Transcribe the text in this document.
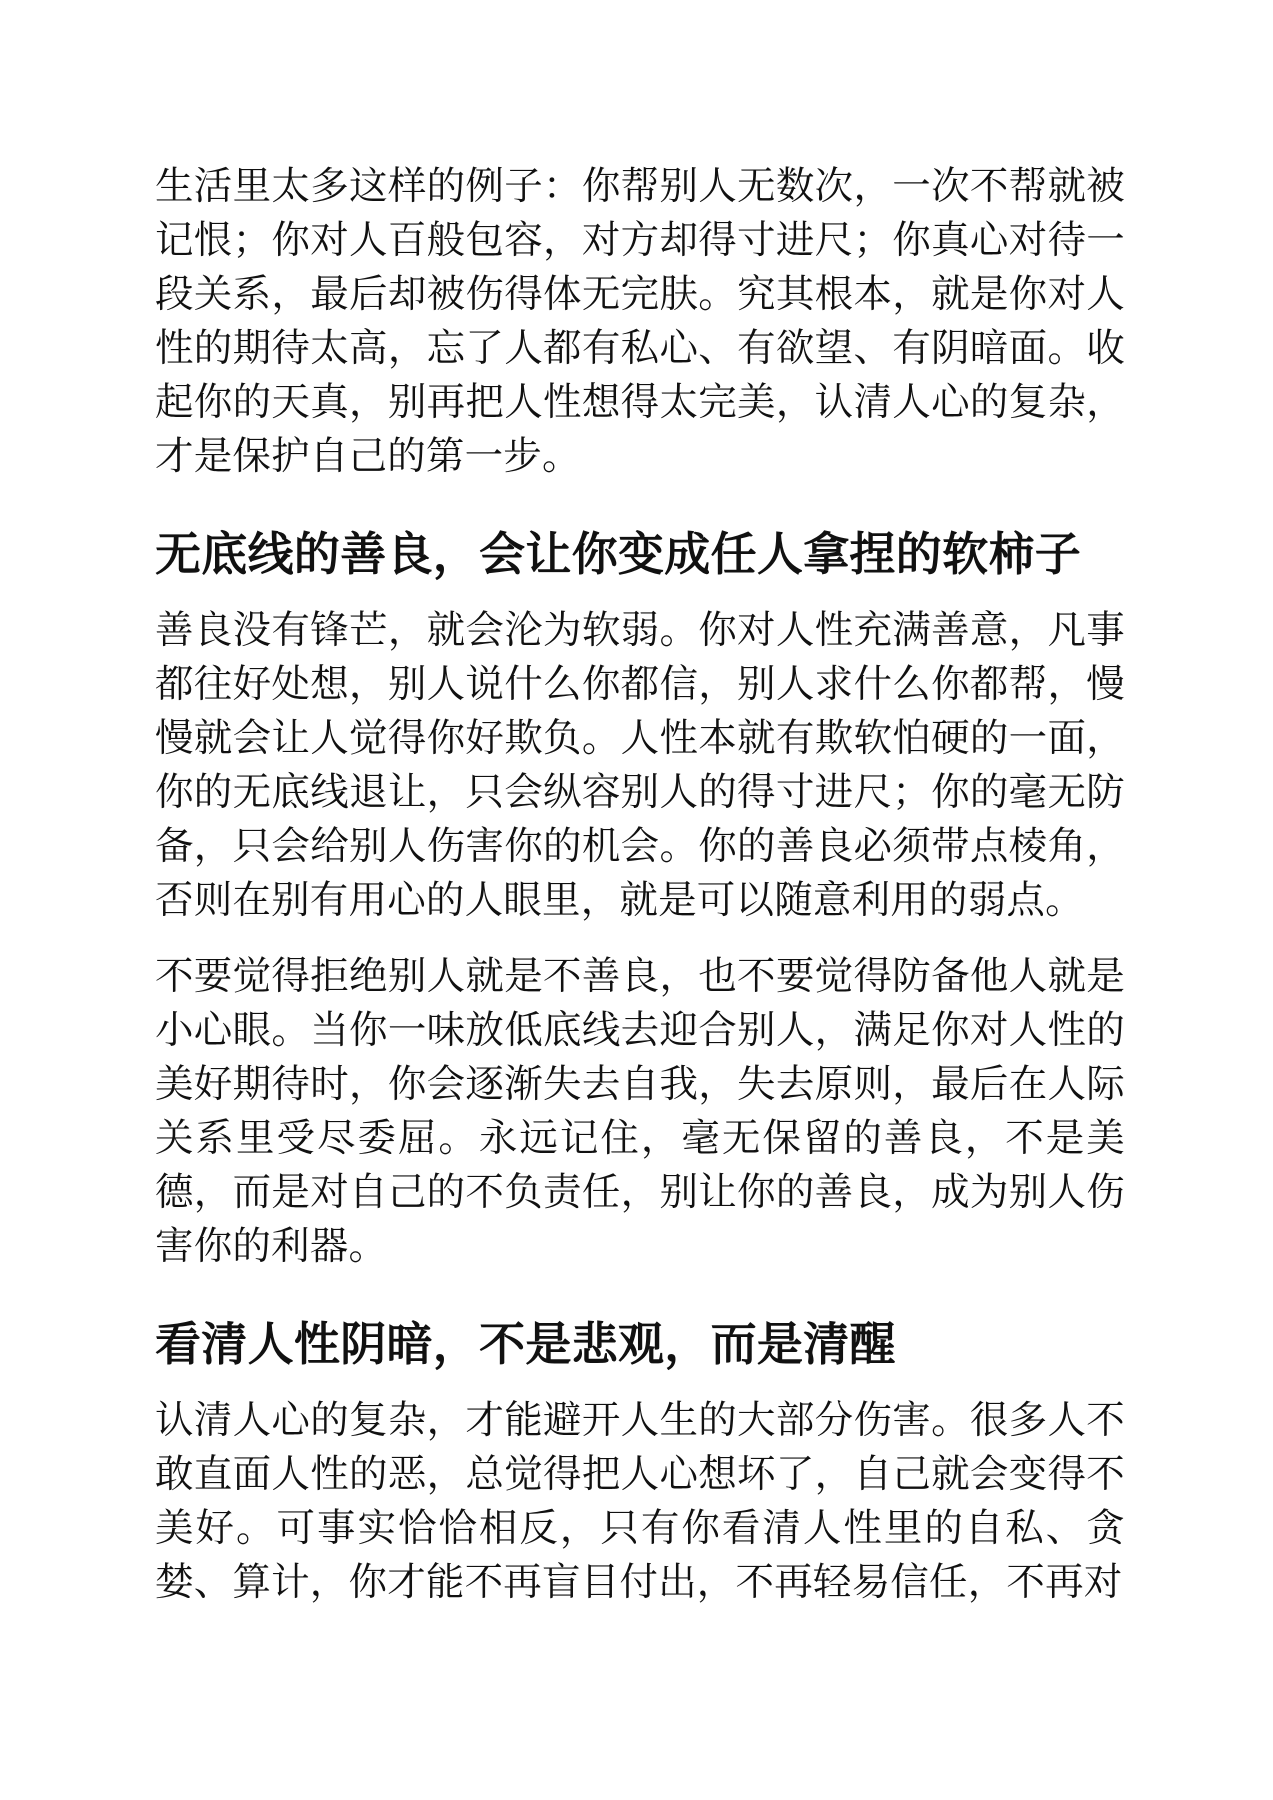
生活里太多这样的例子：你帮别人无数次，一次不帮就被记恨；你对人百般包容，对方却得寸进尺；你真心对待一段关系，最后却被伤得体无完肤。究其根本，就是你对人性的期待太高，忘了人都有私心、有欲望、有阴暗面。收起你的天真，别再把人性想得太完美，认清人心的复杂，才是保护自己的第一步。

无底线的善良，会让你变成任人拿捏的软柿子

善良没有锋芒，就会沦为软弱。你对人性充满善意，凡事都往好处想，别人说什么你都信，别人求什么你都帮，慢慢就会让人觉得你好欺负。人性本就有欺软怕硬的一面，你的无底线退让，只会纵容别人的得寸进尺；你的毫无防备，只会给别人伤害你的机会。你的善良必须带点棱角，否则在别有用心的人眼里，就是可以随意利用的弱点。

不要觉得拒绝别人就是不善良，也不要觉得防备他人就是小心眼。当你一味放低底线去迎合别人，满足你对人性的美好期待时，你会逐渐失去自我，失去原则，最后在人际关系里受尽委屈。永远记住，毫无保留的善良，不是美德，而是对自己的不负责任，别让你的善良，成为别人伤害你的利器。

看清人性阴暗，不是悲观，而是清醒

认清人心的复杂，才能避开人生的大部分伤害。很多人不敢直面人性的恶，总觉得把人心想坏了，自己就会变得不美好。可事实恰恰相反，只有你看清人性里的自私、贪婪、算计，你才能不再盲目付出，不再轻易信任，不再对
